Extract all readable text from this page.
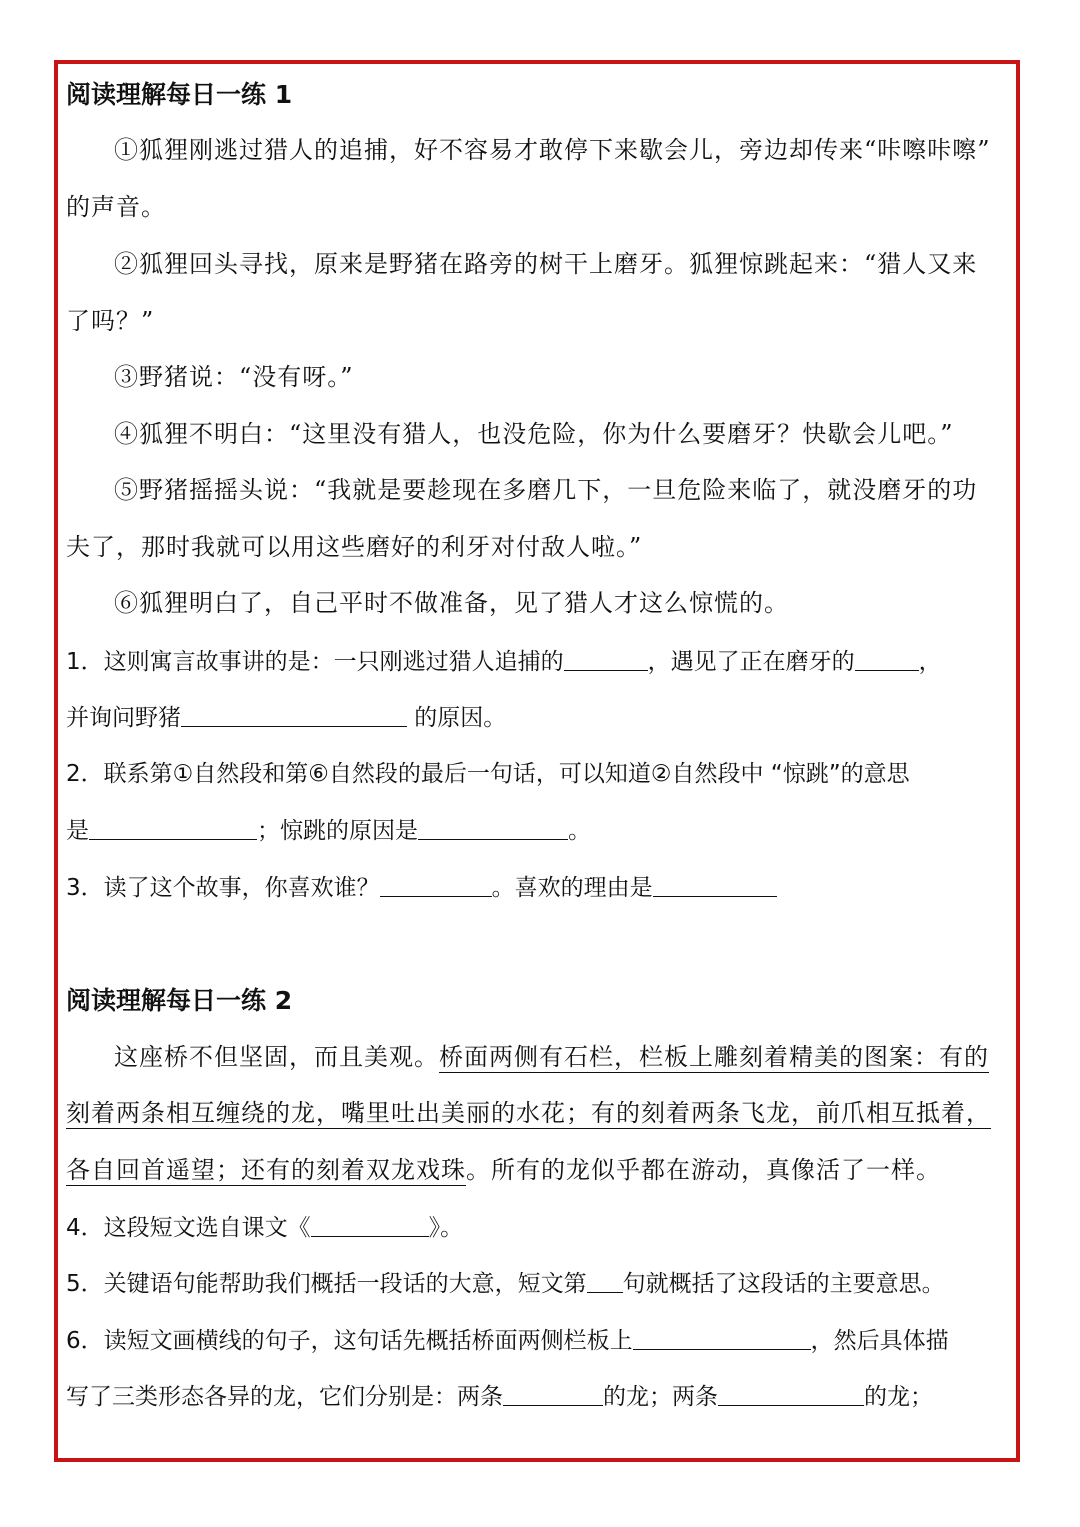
阅读理解每日一练 1
①狐狸刚逃过猎人的追捕，好不容易才敢停下来歇会儿，旁边却传来“咔嚓咔嚓”
的声音。
②狐狸回头寻找，原来是野猪在路旁的树干上磨牙。狐狸惊跳起来：“猎人又来
了吗？”
③野猪说：“没有呀。”
④狐狸不明白：“这里没有猎人，也没危险，你为什么要磨牙？快歇会儿吧。”
⑤野猪摇摇头说：“我就是要趁现在多磨几下，一旦危险来临了，就没磨牙的功
夫了，那时我就可以用这些磨好的利牙对付敌人啦。”
⑥狐狸明白了，自己平时不做准备，见了猎人才这么惊慌的。
1．这则寓言故事讲的是：一只刚逃过猎人追捕的	，遇见了正在磨牙的	，
并询问野猪	的原因。
2．联系第①自然段和第⑥自然段的最后一句话，可以知道②自然段中 “惊跳”的意思
是	；惊跳的原因是	。
3．读了这个故事，你喜欢谁？	。喜欢的理由是
阅读理解每日一练 2
这座桥不但坚固，而且美观。桥面两侧有石栏，栏板上雕刻着精美的图案：有的
刻着两条相互缠绕的龙，嘴里吐出美丽的水花；有的刻着两条飞龙，前爪相互抵着，
各自回首遥望；还有的刻着双龙戏珠。所有的龙似乎都在游动，真像活了一样。
4．这段短文选自课文《	》。
5．关键语句能帮助我们概括一段话的大意，短文第 句就概括了这段话的主要意思。
6．读短文画横线的句子，这句话先概括桥面两侧栏板上	，然后具体描
写了三类形态各异的龙，它们分别是：两条	的龙；两条	的龙；
